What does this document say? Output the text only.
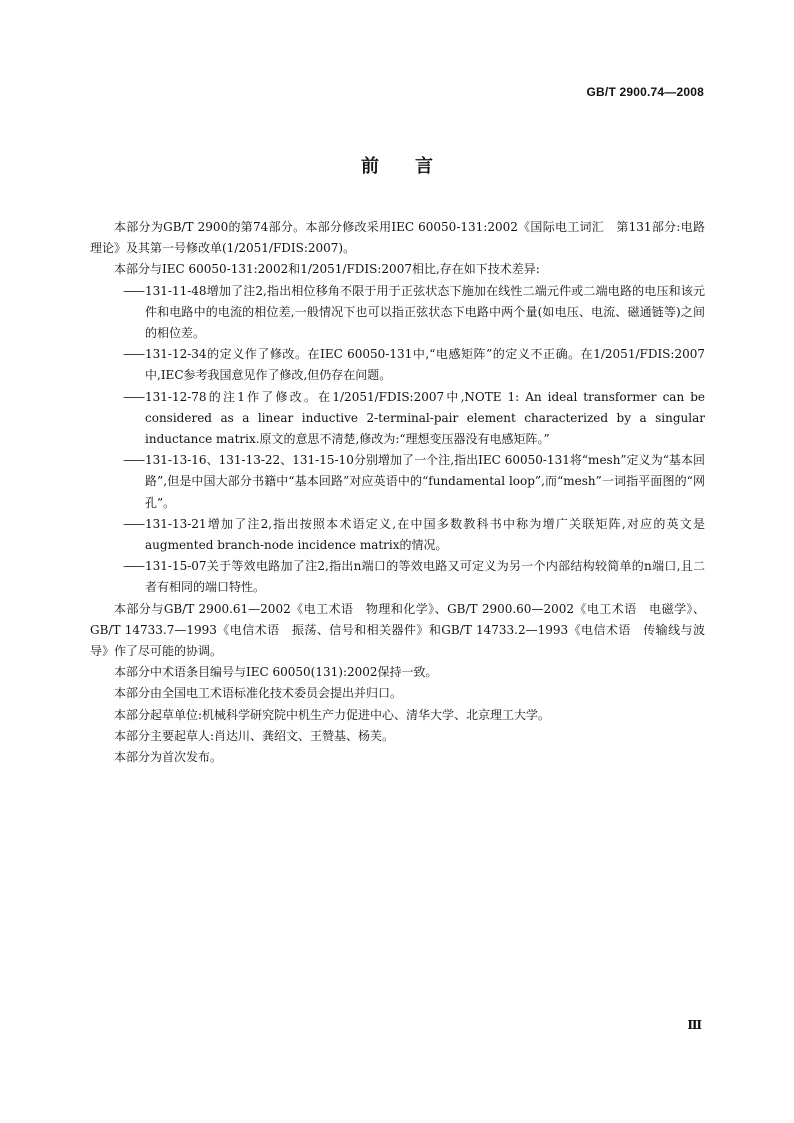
GB/T 2900.74—2008
前言

本部分为GB/T 2900的第74部分。本部分修改采用IEC 60050-131:2002《国际电工词汇　第131部分:电路理论》及其第一号修改单(1/2051/FDIS:2007)。

本部分与IEC 60050-131:2002和1/2051/FDIS:2007相比,存在如下技术差异:

—— 131-11-48增加了注2,指出相位移角不限于用于正弦状态下施加在线性二端元件或二端电路的电压和该元件和电路中的电流的相位差,一般情况下也可以指正弦状态下电路中两个量(如电压、电流、磁通链等)之间的相位差。
—— 131-12-34的定义作了修改。在IEC 60050-131中,“电感矩阵”的定义不正确。在1/2051/FDIS:2007中,IEC参考我国意见作了修改,但仍存在问题。
—— 131-12-78的注1作了修改。在1/2051/FDIS:2007中,NOTE 1: An ideal transformer can be considered as a linear inductive 2-terminal-pair element characterized by a singular inductance matrix.原文的意思不清楚,修改为:“理想变压器没有电感矩阵。”
—— 131-13-16、131-13-22、131-15-10分别增加了一个注,指出IEC 60050-131将“mesh”定义为“基本回路”,但是中国大部分书籍中“基本回路”对应英语中的“fundamental loop”,而“mesh”一词指平面图的“网孔”。
—— 131-13-21增加了注2,指出按照本术语定义,在中国多数教科书中称为增广关联矩阵,对应的英文是augmented branch-node incidence matrix的情况。
—— 131-15-07关于等效电路加了注2,指出n端口的等效电路又可定义为另一个内部结构较简单的n端口,且二者有相同的端口特性。

本部分与GB/T 2900.61—2002《电工术语　物理和化学》、GB/T 2900.60—2002《电工术语　电磁学》、GB/T 14733.7—1993《电信术语　振荡、信号和相关器件》和GB/T 14733.2—1993《电信术语　传输线与波导》作了尽可能的协调。

本部分中术语条目编号与IEC 60050(131):2002保持一致。

本部分由全国电工术语标准化技术委员会提出并归口。

本部分起草单位:机械科学研究院中机生产力促进中心、清华大学、北京理工大学。

本部分主要起草人:肖达川、龚绍文、王赞基、杨芙。

本部分为首次发布。

Ⅲ
